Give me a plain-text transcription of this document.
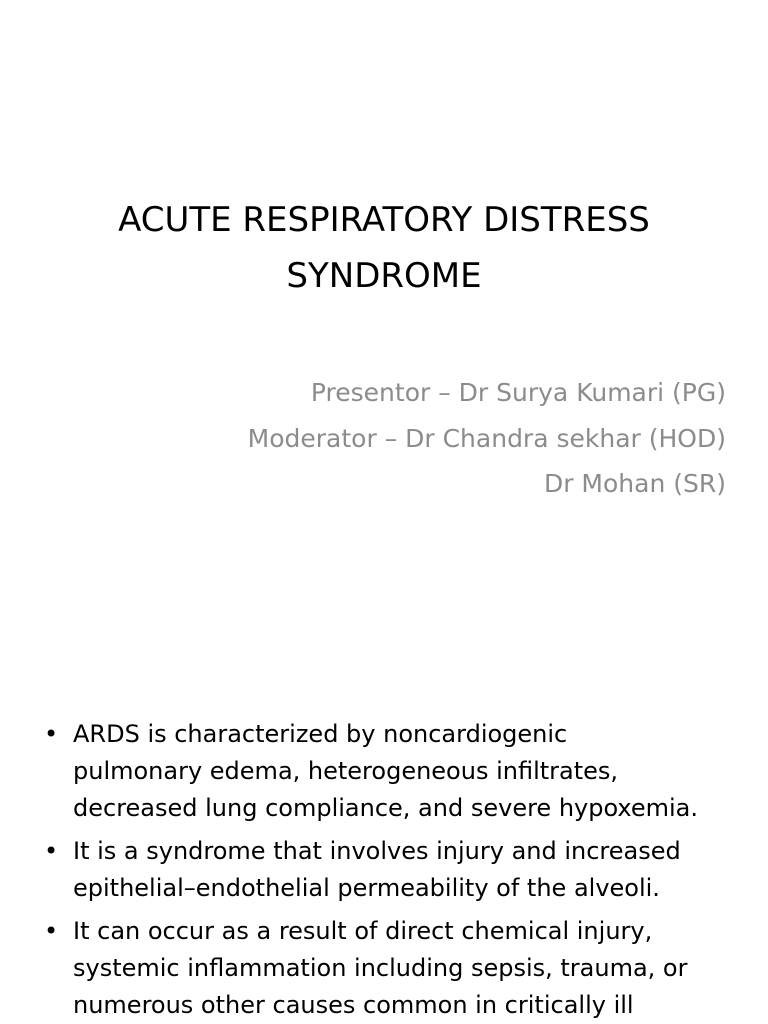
ACUTE RESPIRATORY DISTRESS
SYNDROME
Presentor – Dr Surya Kumari (PG)
Moderator – Dr Chandra sekhar (HOD)
Dr Mohan (SR)
• ARDS is characterized by noncardiogenic
pulmonary edema, heterogeneous infiltrates,
decreased lung compliance, and severe hypoxemia.
• It is a syndrome that involves injury and increased
epithelial–endothelial permeability of the alveoli.
• It can occur as a result of direct chemical injury,
systemic inflammation including sepsis, trauma, or
numerous other causes common in critically ill
